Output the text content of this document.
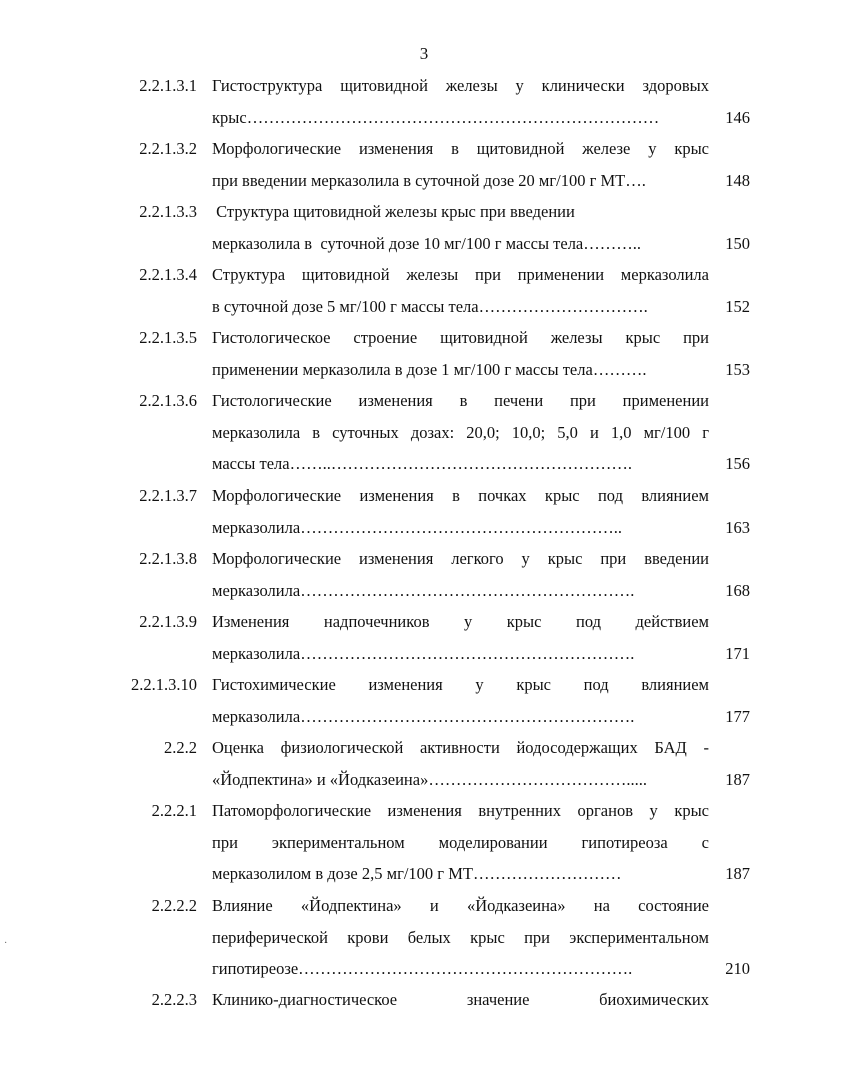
3
2.2.1.3.1 Гистоструктура щитовидной железы у клинически здоровых
крыс…………………………………………………………………	146
2.2.1.3.2 Морфологические изменения в щитовидной железе у крыс
при введении мерказолила в суточной дозе 20 мг/100 г МТ….	148
2.2.1.3.3 Структура щитовидной железы крыс при введении
мерказолила в  суточной дозе 10 мг/100 г массы тела………..	150
2.2.1.3.4 Структура щитовидной железы при применении мерказолила
в суточной дозе 5 мг/100 г массы тела………………………….	152
2.2.1.3.5 Гистологическое строение щитовидной железы крыс при
применении мерказолила в дозе 1 мг/100 г массы тела……….	153
2.2.1.3.6 Гистологические изменения в печени при применении
мерказолила в суточных дозах: 20,0; 10,0; 5,0 и 1,0 мг/100 г
массы тела……..……………………………………………….	156
2.2.1.3.7 Морфологические изменения в почках крыс под влиянием
мерказолила…………………………………………………..	163
2.2.1.3.8 Морфологические изменения легкого у крыс при введении
мерказолила…………………………………………………….	168
2.2.1.3.9 Изменения надпочечников у крыс под действием
мерказолила…………………………………………………….	171
2.2.1.3.10 Гистохимические изменения у крыс под влиянием
мерказолила…………………………………………………….	177
2.2.2 Оценка физиологической активности йодосодержащих БАД -
«Йодпектина» и «Йодказеина»……………………………….....	187
2.2.2.1 Патоморфологические изменения внутренних органов у крыс
при экпериментальном моделировании гипотиреоза с
мерказолилом в дозе 2,5 мг/100 г МТ………………………	187
2.2.2.2 Влияние «Йодпектина» и «Йодказеина» на состояние
периферической крови белых крыс при экспериментальном
гипотиреозе…………………………………………………….	210
2.2.2.3 Клинико-диагностическое значение биохимических
·
